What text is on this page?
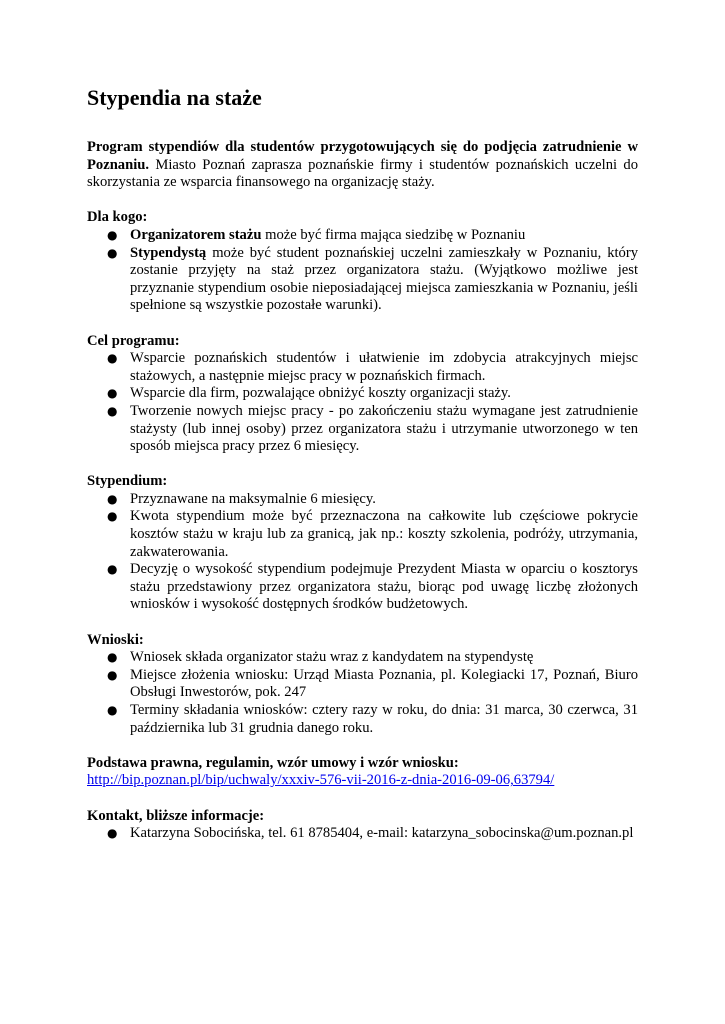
Stypendia na staże

Program stypendiów dla studentów przygotowujących się do podjęcia zatrudnienie w Poznaniu. Miasto Poznań zaprasza poznańskie firmy i studentów poznańskich uczelni do skorzystania ze wsparcia finansowego na organizację staży.

Dla kogo:

● Organizatorem stażu może być firma mająca siedzibę w Poznaniu
● Stypendystą może być student poznańskiej uczelni zamieszkały w Poznaniu, który zostanie przyjęty na staż przez organizatora stażu. (Wyjątkowo możliwe jest przyznanie stypendium osobie nieposiadającej miejsca zamieszkania w Poznaniu, jeśli spełnione są wszystkie pozostałe warunki).

Cel programu:

● Wsparcie poznańskich studentów i ułatwienie im zdobycia atrakcyjnych miejsc stażowych, a następnie miejsc pracy w poznańskich firmach.
● Wsparcie dla firm, pozwalające obniżyć koszty organizacji staży.
● Tworzenie nowych miejsc pracy - po zakończeniu stażu wymagane jest zatrudnienie stażysty (lub innej osoby) przez organizatora stażu i utrzymanie utworzonego w ten sposób miejsca pracy przez 6 miesięcy.

Stypendium:

● Przyznawane na maksymalnie 6 miesięcy.
● Kwota stypendium może być przeznaczona na całkowite lub częściowe pokrycie kosztów stażu w kraju lub za granicą, jak np.: koszty szkolenia, podróży, utrzymania, zakwaterowania.
● Decyzję o wysokość stypendium podejmuje Prezydent Miasta w oparciu o kosztorys stażu przedstawiony przez organizatora stażu, biorąc pod uwagę liczbę złożonych wniosków i wysokość dostępnych środków budżetowych.

Wnioski:

● Wniosek składa organizator stażu wraz z kandydatem na stypendystę
● Miejsce złożenia wniosku: Urząd Miasta Poznania, pl. Kolegiacki 17, Poznań, Biuro Obsługi Inwestorów, pok. 247
● Terminy składania wniosków: cztery razy w roku, do dnia: 31 marca, 30 czerwca, 31 października lub 31 grudnia danego roku.

Podstawa prawna, regulamin, wzór umowy i wzór wniosku:

http://bip.poznan.pl/bip/uchwaly/xxxiv-576-vii-2016-z-dnia-2016-09-06,63794/

Kontakt, bliższe informacje:

● Katarzyna Sobocińska, tel. 61 8785404, e-mail: katarzyna_sobocinska@um.poznan.pl
